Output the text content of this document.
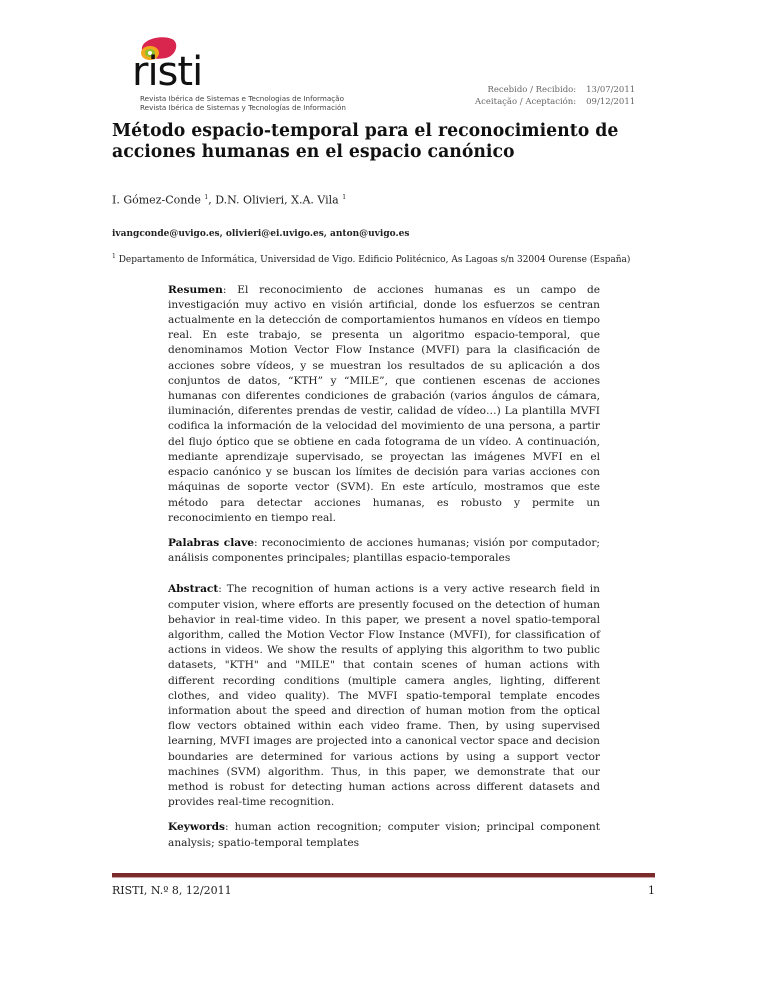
risti
Revista Ibérica de Sistemas e Tecnologias de Informação
Revista Ibérica de Sistemas y Tecnologías de Información
Recebido / Recibido:	13/07/2011
Aceitação / Aceptación:	09/12/2011
Método espacio-temporal para el reconocimiento de acciones humanas en el espacio canónico
I. Gómez-Conde $^1$, D.N. Olivieri, X.A. Vila $^1$
ivangconde@uvigo.es, olivieri@ei.uvigo.es, anton@uvigo.es
$^1$ Departamento de Informática, Universidad de Vigo. Edificio Politécnico, As Lagoas s/n 32004 Ourense (España)
Resumen: El reconocimiento de acciones humanas es un campo de investigación muy activo en visión artificial, donde los esfuerzos se centran actualmente en la detección de comportamientos humanos en vídeos en tiempo real. En este trabajo, se presenta un algoritmo espacio-temporal, que denominamos Motion Vector Flow Instance (MVFI) para la clasificación de acciones sobre vídeos, y se muestran los resultados de su aplicación a dos conjuntos de datos, “KTH” y “MILE”, que contienen escenas de acciones humanas con diferentes condiciones de grabación (varios ángulos de cámara, iluminación, diferentes prendas de vestir, calidad de vídeo…) La plantilla MVFI codifica la información de la velocidad del movimiento de una persona, a partir del flujo óptico que se obtiene en cada fotograma de un vídeo. A continuación, mediante aprendizaje supervisado, se proyectan las imágenes MVFI en el espacio canónico y se buscan los límites de decisión para varias acciones con máquinas de soporte vector (SVM). En este artículo, mostramos que este método para detectar acciones humanas, es robusto y permite un reconocimiento en tiempo real.
Palabras clave: reconocimiento de acciones humanas; visión por computador; análisis componentes principales; plantillas espacio-temporales
Abstract: The recognition of human actions is a very active research field in computer vision, where efforts are presently focused on the detection of human behavior in real-time video. In this paper, we present a novel spatio-temporal algorithm, called the Motion Vector Flow Instance (MVFI), for classification of actions in videos. We show the results of applying this algorithm to two public datasets, "KTH" and "MILE" that contain scenes of human actions with different recording conditions (multiple camera angles, lighting, different clothes, and video quality). The MVFI spatio-temporal template encodes information about the speed and direction of human motion from the optical flow vectors obtained within each video frame. Then, by using supervised learning, MVFI images are projected into a canonical vector space and decision boundaries are determined for various actions by using a support vector machines (SVM) algorithm. Thus, in this paper, we demonstrate that our method is robust for detecting human actions across different datasets and provides real-time recognition.
Keywords: human action recognition; computer vision; principal component analysis; spatio-temporal templates
RISTI, N.º 8, 12/2011	1
